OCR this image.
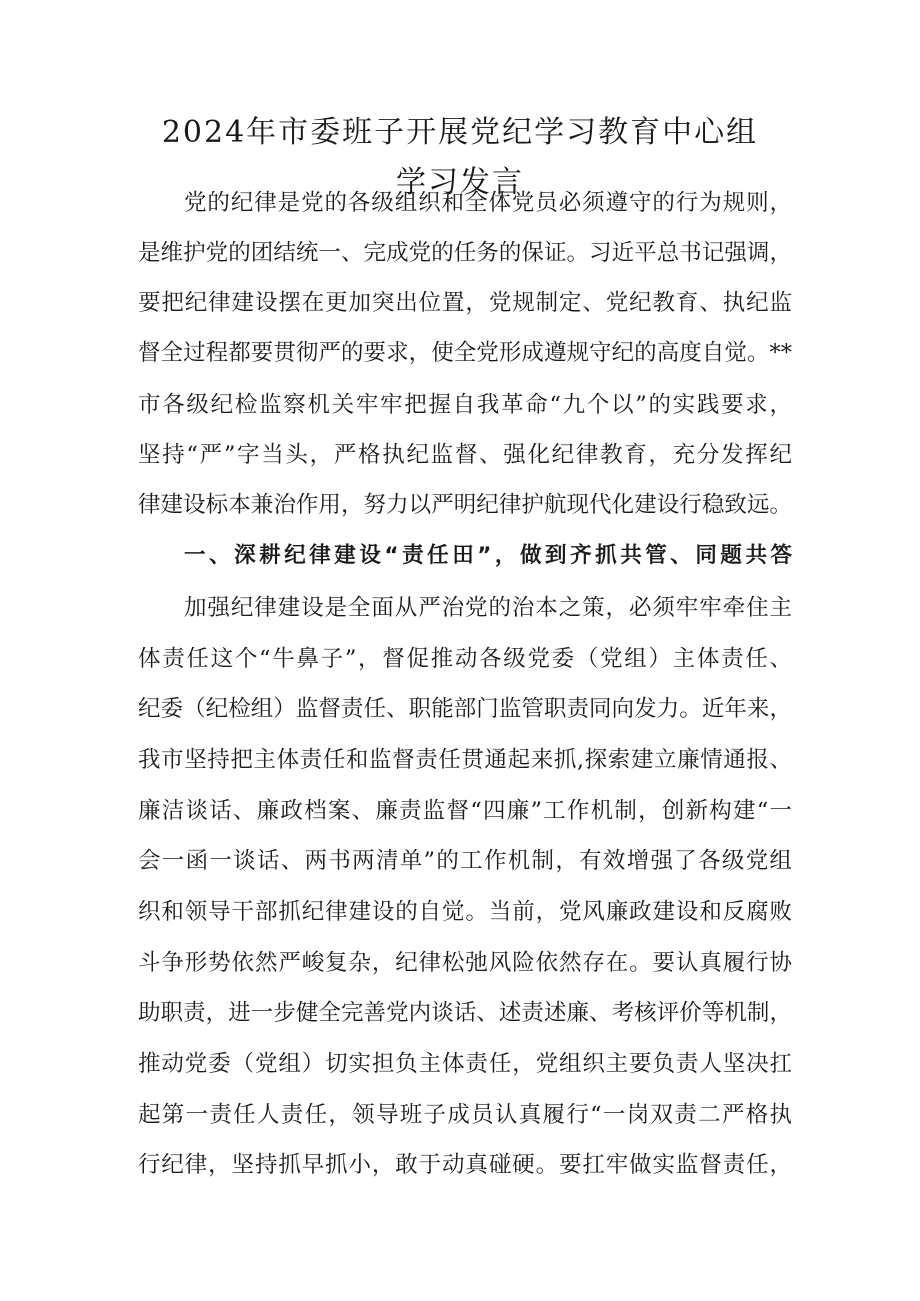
2024年市委班子开展党纪学习教育中心组
学习发言
党的纪律是党的各级组织和全体党员必须遵守的行为规则，
是维护党的团结统一、完成党的任务的保证。习近平总书记强调，
要把纪律建设摆在更加突出位置，党规制定、党纪教育、执纪监
督全过程都要贯彻严的要求，使全党形成遵规守纪的高度自觉。**
市各级纪检监察机关牢牢把握自我革命“九个以”的实践要求，
坚持“严”字当头，严格执纪监督、强化纪律教育，充分发挥纪
律建设标本兼治作用，努力以严明纪律护航现代化建设行稳致远。
一、深耕纪律建设“责任田”，做到齐抓共管、同题共答
加强纪律建设是全面从严治党的治本之策，必须牢牢牵住主
体责任这个“牛鼻子”，督促推动各级党委（党组）主体责任、
纪委（纪检组）监督责任、职能部门监管职责同向发力。近年来，
我市坚持把主体责任和监督责任贯通起来抓,探索建立廉情通报、
廉洁谈话、廉政档案、廉责监督“四廉”工作机制，创新构建“一
会一函一谈话、两书两清单”的工作机制，有效增强了各级党组
织和领导干部抓纪律建设的自觉。当前，党风廉政建设和反腐败
斗争形势依然严峻复杂，纪律松弛风险依然存在。要认真履行协
助职责，进一步健全完善党内谈话、述责述廉、考核评价等机制，
推动党委（党组）切实担负主体责任，党组织主要负责人坚决扛
起第一责任人责任，领导班子成员认真履行“一岗双责二严格执
行纪律，坚持抓早抓小，敢于动真碰硬。要扛牢做实监督责任，
